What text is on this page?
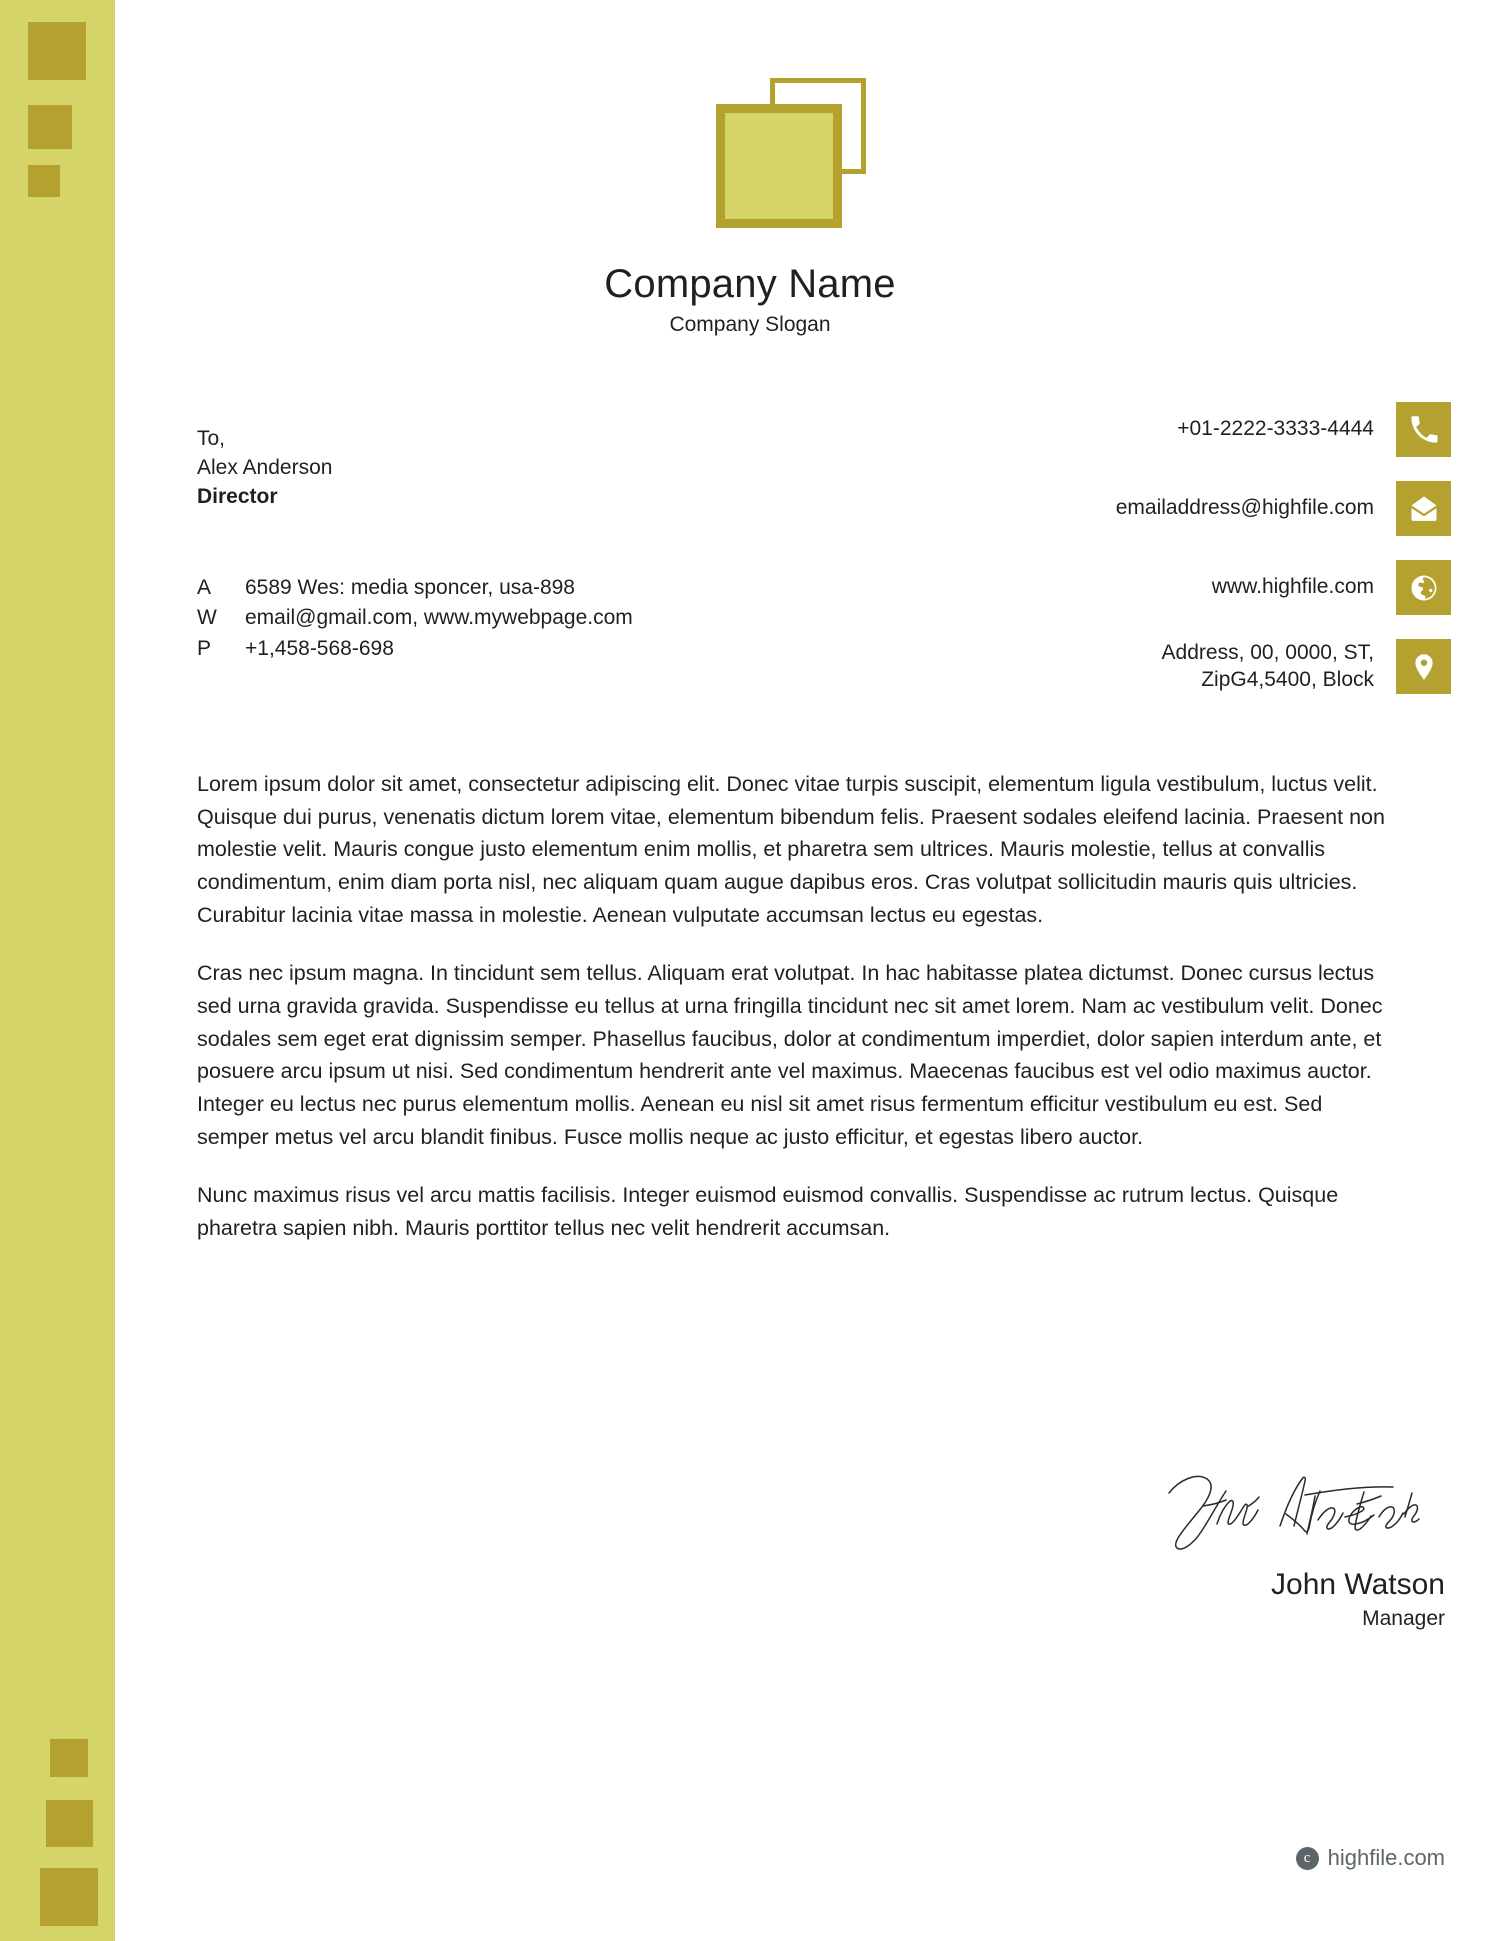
Company Name
Company Slogan
To,
Alex Anderson
Director
A	6589 Wes: media sponcer, usa-898
W	email@gmail.com, www.mywebpage.com
P	+1,458-568-698
+01-2222-3333-4444
emailaddress@highfile.com
www.highfile.com
Address, 00, 0000, ST,
ZipG4,5400, Block

Lorem ipsum dolor sit amet, consectetur adipiscing elit. Donec vitae turpis suscipit, elementum ligula vestibulum, luctus velit. Quisque dui purus, venenatis dictum lorem vitae, elementum bibendum felis. Praesent sodales eleifend lacinia. Praesent non molestie velit. Mauris congue justo elementum enim mollis, et pharetra sem ultrices. Mauris molestie, tellus at convallis condimentum, enim diam porta nisl, nec aliquam quam augue dapibus eros. Cras volutpat sollicitudin mauris quis ultricies. Curabitur lacinia vitae massa in molestie. Aenean vulputate accumsan lectus eu egestas.

Cras nec ipsum magna. In tincidunt sem tellus. Aliquam erat volutpat. In hac habitasse platea dictumst. Donec cursus lectus sed urna gravida gravida. Suspendisse eu tellus at urna fringilla tincidunt nec sit amet lorem. Nam ac vestibulum velit. Donec sodales sem eget erat dignissim semper. Phasellus faucibus, dolor at condimentum imperdiet, dolor sapien interdum ante, et posuere arcu ipsum ut nisi. Sed condimentum hendrerit ante vel maximus. Maecenas faucibus est vel odio maximus auctor. Integer eu lectus nec purus elementum mollis. Aenean eu nisl sit amet risus fermentum efficitur vestibulum eu est. Sed semper metus vel arcu blandit finibus. Fusce mollis neque ac justo efficitur, et egestas libero auctor.

Nunc maximus risus vel arcu mattis facilisis. Integer euismod euismod convallis. Suspendisse ac rutrum lectus. Quisque pharetra sapien nibh. Mauris porttitor tellus nec velit hendrerit accumsan.

John Watson
Manager
c highfile.com
